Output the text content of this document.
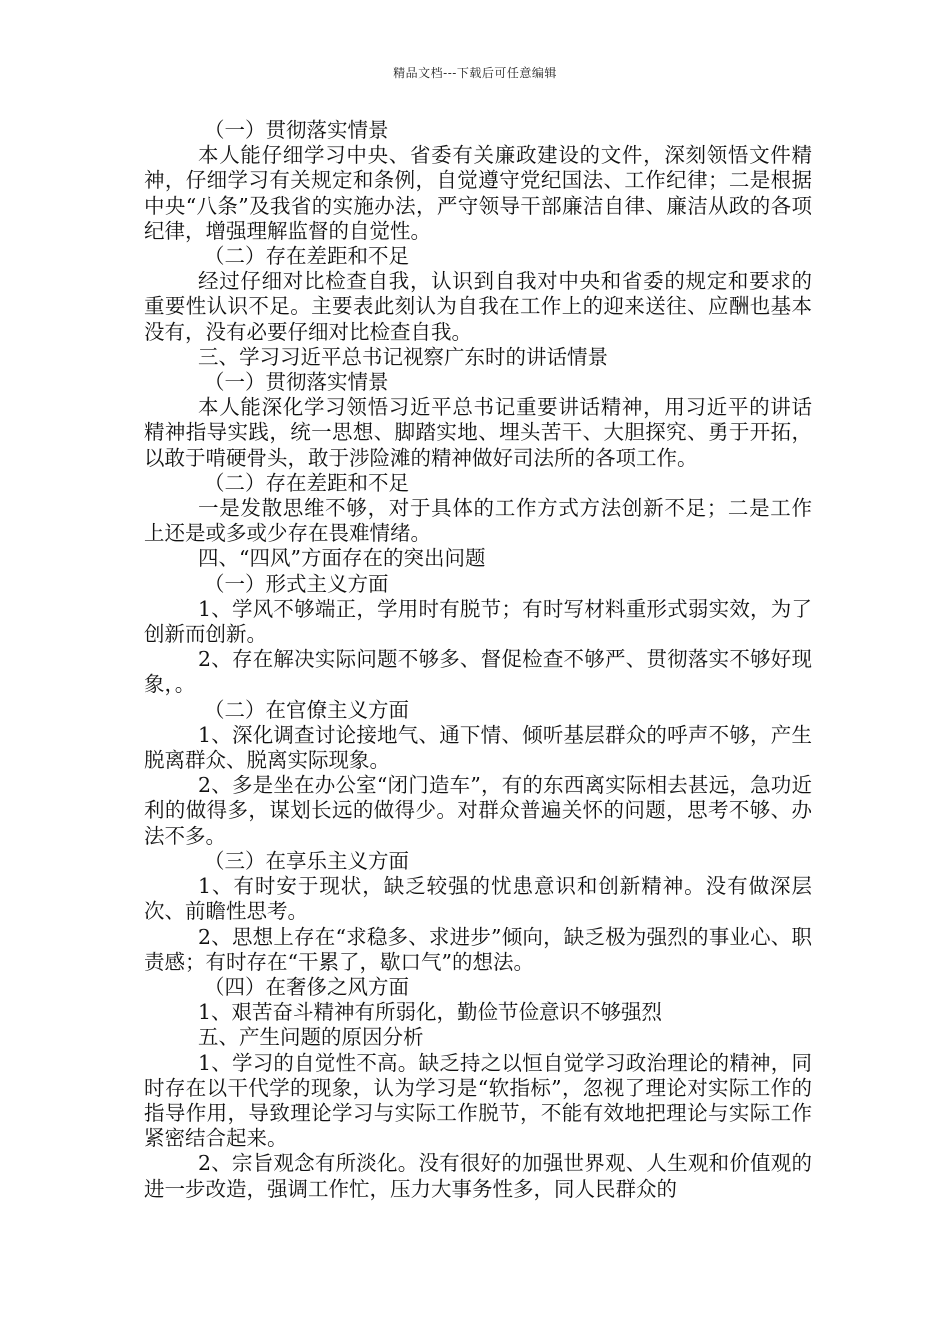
精品文档---下载后可任意编辑

（一）贯彻落实情景

本人能仔细学习中央、省委有关廉政建设的文件，深刻领悟文件精神，仔细学习有关规定和条例，自觉遵守党纪国法、工作纪律；二是根据中央“八条”及我省的实施办法，严守领导干部廉洁自律、廉洁从政的各项纪律，增强理解监督的自觉性。

（二）存在差距和不足

经过仔细对比检查自我，认识到自我对中央和省委的规定和要求的重要性认识不足。主要表此刻认为自我在工作上的迎来送往、应酬也基本没有，没有必要仔细对比检查自我。

三、学习习近平总书记视察广东时的讲话情景

（一）贯彻落实情景

本人能深化学习领悟习近平总书记重要讲话精神，用习近平的讲话精神指导实践，统一思想、脚踏实地、埋头苦干、大胆探究、勇于开拓，以敢于啃硬骨头，敢于涉险滩的精神做好司法所的各项工作。

（二）存在差距和不足

一是发散思维不够，对于具体的工作方式方法创新不足；二是工作上还是或多或少存在畏难情绪。

四、“四风”方面存在的突出问题

（一）形式主义方面

1、学风不够端正，学用时有脱节；有时写材料重形式弱实效，为了创新而创新。

2、存在解决实际问题不够多、督促检查不够严、贯彻落实不够好现象，。

（二）在官僚主义方面

1、深化调查讨论接地气、通下情、倾听基层群众的呼声不够，产生脱离群众、脱离实际现象。

2、多是坐在办公室“闭门造车”，有的东西离实际相去甚远，急功近利的做得多，谋划长远的做得少。对群众普遍关怀的问题，思考不够、办法不多。

（三）在享乐主义方面

1、有时安于现状，缺乏较强的忧患意识和创新精神。没有做深层次、前瞻性思考。

2、思想上存在“求稳多、求进步”倾向，缺乏极为强烈的事业心、职责感；有时存在“干累了，歇口气”的想法。

（四）在奢侈之风方面

1、艰苦奋斗精神有所弱化，勤俭节俭意识不够强烈

五、产生问题的原因分析

1、学习的自觉性不高。缺乏持之以恒自觉学习政治理论的精神，同时存在以干代学的现象，认为学习是“软指标”，忽视了理论对实际工作的指导作用，导致理论学习与实际工作脱节，不能有效地把理论与实际工作紧密结合起来。

2、宗旨观念有所淡化。没有很好的加强世界观、人生观和价值观的进一步改造，强调工作忙，压力大事务性多，同人民群众的
